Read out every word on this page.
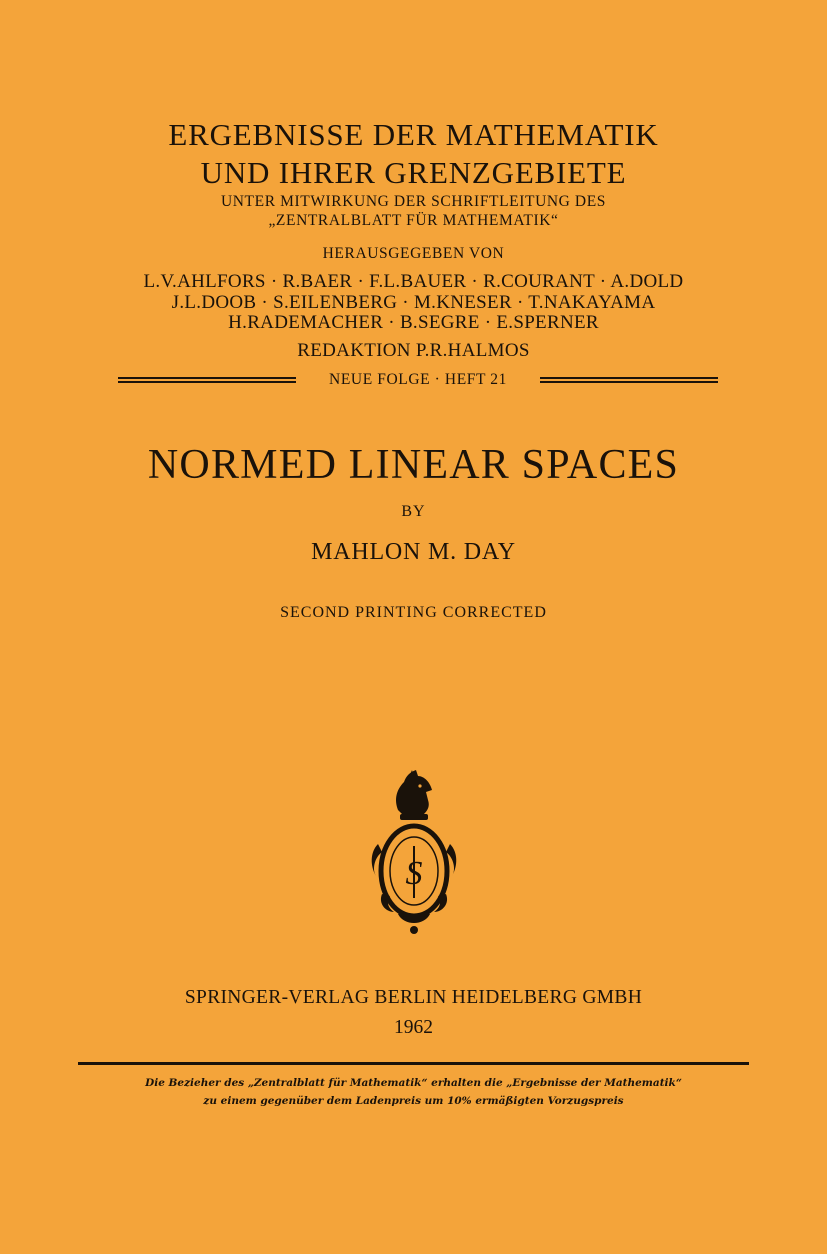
ERGEBNISSE DER MATHEMATIK
UND IHRER GRENZGEBIETE
UNTER MITWIRKUNG DER SCHRIFTLEITUNG DES
„ZENTRALBLATT FÜR MATHEMATIK“
HERAUSGEGEBEN VON
L.V.AHLFORS · R.BAER · F.L.BAUER · R.COURANT · A.DOLD
J.L.DOOB · S.EILENBERG · M.KNESER · T.NAKAYAMA
H.RADEMACHER · B.SEGRE · E.SPERNER
REDAKTION P.R.HALMOS
NEUE FOLGE · HEFT 21
NORMED LINEAR SPACES
BY
MAHLON M. DAY
SECOND PRINTING CORRECTED
S
SPRINGER-VERLAG BERLIN HEIDELBERG GMBH
1962
Die Bezieher des „Zentralblatt für Mathematik“ erhalten die „Ergebnisse der Mathematik“
zu einem gegenüber dem Ladenpreis um 10% ermäßigten Vorzugspreis
